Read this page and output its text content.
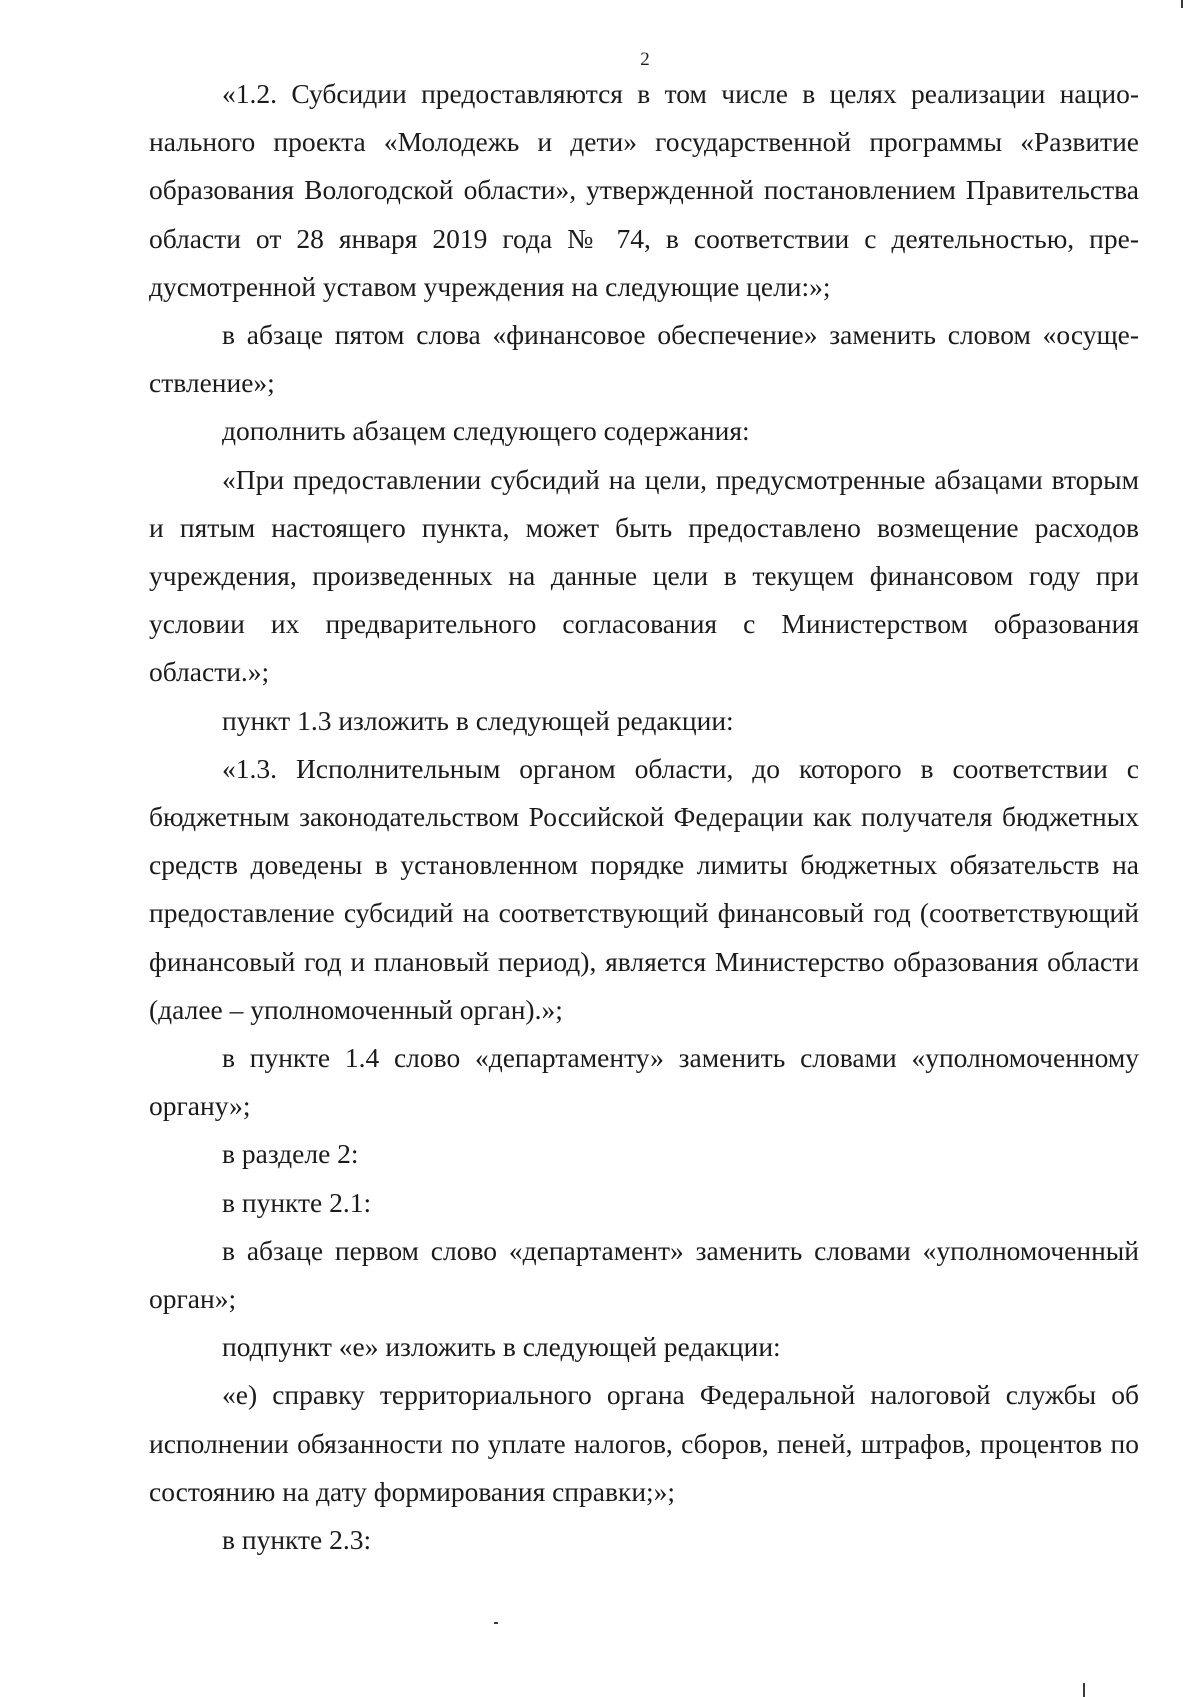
2

«1.2. Субсидии предоставляются в том числе в целях реализации национального проекта «Молодежь и дети» государственной программы «Развитие образования Вологодской области», утвержденной постановлением Правительства области от 28 января 2019 года № 74, в соответствии с деятельностью, предусмотренной уставом учреждения на следующие цели:»;

в абзаце пятом слова «финансовое обеспечение» заменить словом «осуществление»;

дополнить абзацем следующего содержания:

«При предоставлении субсидий на цели, предусмотренные абзацами вторым и пятым настоящего пункта, может быть предоставлено возмещение расходов учреждения, произведенных на данные цели в текущем финансовом году при условии их предварительного согласования с Министерством образования области.»;

пункт 1.3 изложить в следующей редакции:

«1.3. Исполнительным органом области, до которого в соответствии с бюджетным законодательством Российской Федерации как получателя бюджетных средств доведены в установленном порядке лимиты бюджетных обязательств на предоставление субсидий на соответствующий финансовый год (соответствующий финансовый год и плановый период), является Министерство образования области (далее – уполномоченный орган).»;

в пункте 1.4 слово «департаменту» заменить словами «уполномоченному органу»;

в разделе 2:

в пункте 2.1:

в абзаце первом слово «департамент» заменить словами «уполномоченный орган»;

подпункт «е» изложить в следующей редакции:

«е) справку территориального органа Федеральной налоговой службы об исполнении обязанности по уплате налогов, сборов, пеней, штрафов, процентов по состоянию на дату формирования справки;»;

в пункте 2.3:
